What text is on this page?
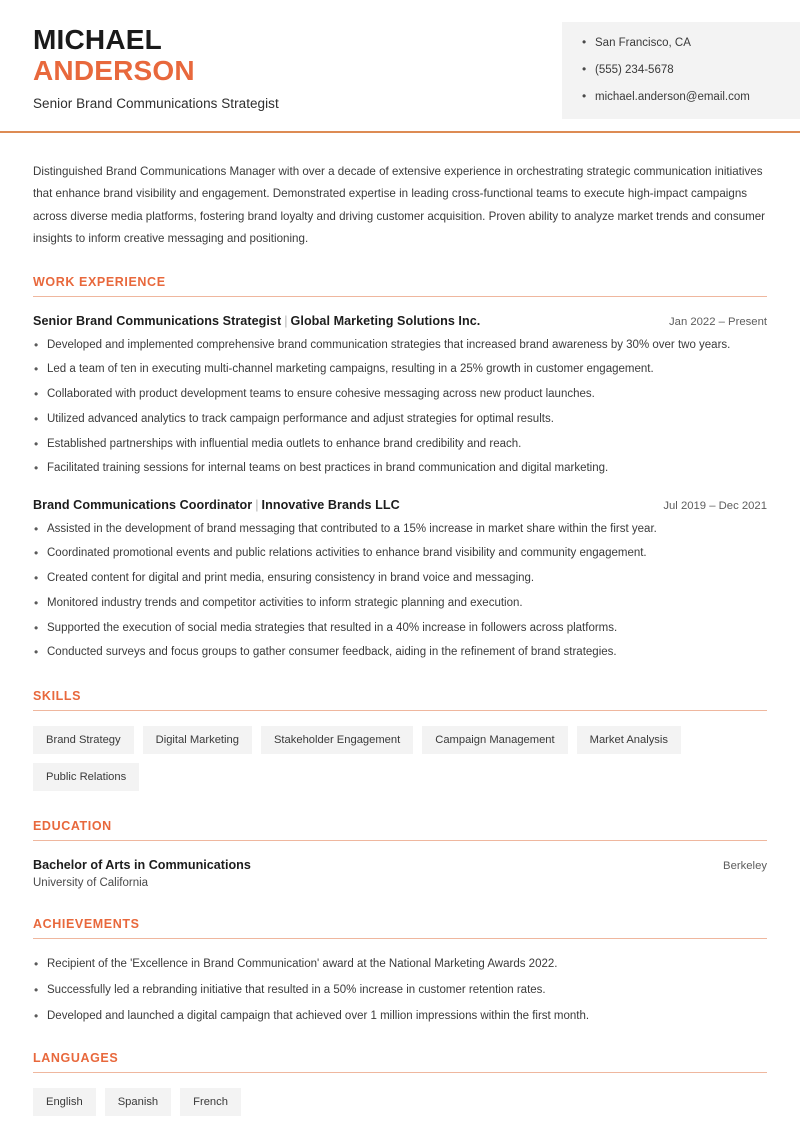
MICHAEL
ANDERSON
Senior Brand Communications Strategist
• San Francisco, CA
• (555) 234-5678
• michael.anderson@email.com

Distinguished Brand Communications Manager with over a decade of extensive experience in orchestrating strategic communication initiatives that enhance brand visibility and engagement. Demonstrated expertise in leading cross-functional teams to execute high-impact campaigns across diverse media platforms, fostering brand loyalty and driving customer acquisition. Proven ability to analyze market trends and consumer insights to inform creative messaging and positioning.

WORK EXPERIENCE
Senior Brand Communications Strategist | Global Marketing Solutions Inc.	Jan 2022 – Present
• Developed and implemented comprehensive brand communication strategies that increased brand awareness by 30% over two years.
• Led a team of ten in executing multi-channel marketing campaigns, resulting in a 25% growth in customer engagement.
• Collaborated with product development teams to ensure cohesive messaging across new product launches.
• Utilized advanced analytics to track campaign performance and adjust strategies for optimal results.
• Established partnerships with influential media outlets to enhance brand credibility and reach.
• Facilitated training sessions for internal teams on best practices in brand communication and digital marketing.
Brand Communications Coordinator | Innovative Brands LLC	Jul 2019 – Dec 2021
• Assisted in the development of brand messaging that contributed to a 15% increase in market share within the first year.
• Coordinated promotional events and public relations activities to enhance brand visibility and community engagement.
• Created content for digital and print media, ensuring consistency in brand voice and messaging.
• Monitored industry trends and competitor activities to inform strategic planning and execution.
• Supported the execution of social media strategies that resulted in a 40% increase in followers across platforms.
• Conducted surveys and focus groups to gather consumer feedback, aiding in the refinement of brand strategies.
SKILLS
Brand Strategy	Digital Marketing	Stakeholder Engagement	Campaign Management	Market Analysis
Public Relations
EDUCATION
Bachelor of Arts in Communications	Berkeley
University of California
ACHIEVEMENTS
• Recipient of the 'Excellence in Brand Communication' award at the National Marketing Awards 2022.
• Successfully led a rebranding initiative that resulted in a 50% increase in customer retention rates.
• Developed and launched a digital campaign that achieved over 1 million impressions within the first month.
LANGUAGES
English	Spanish	French
